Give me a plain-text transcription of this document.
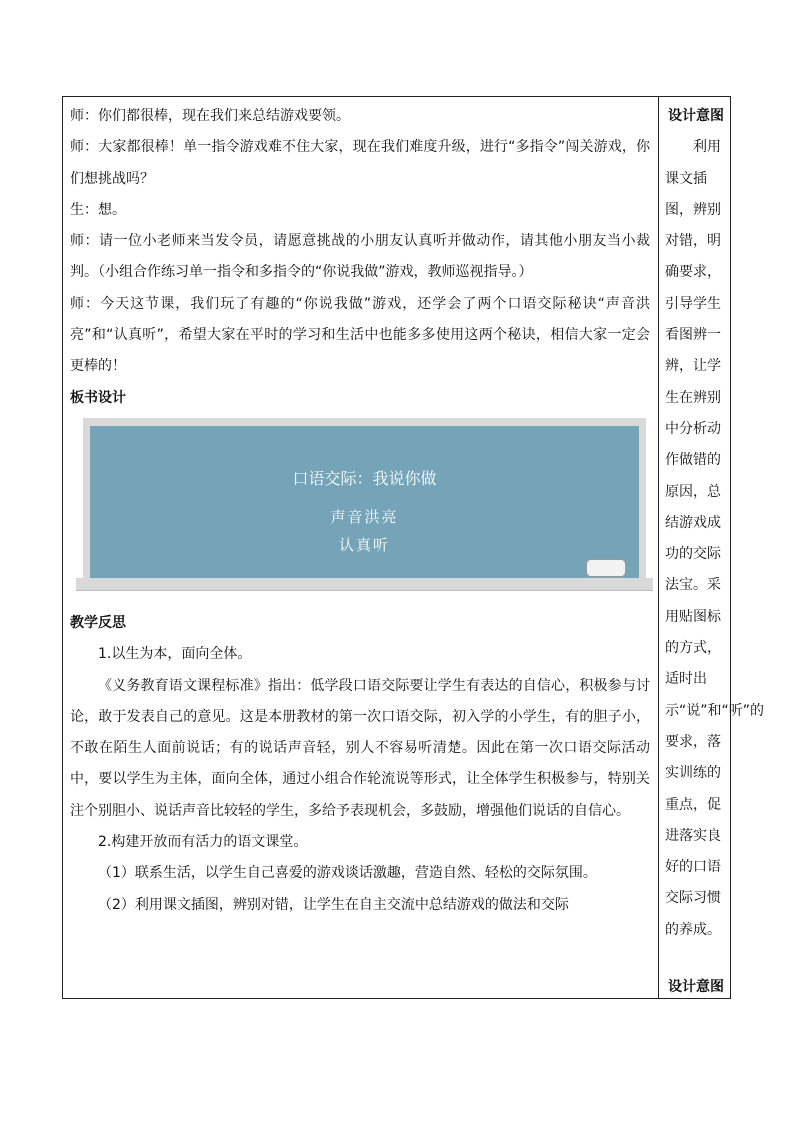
师：你们都很棒，现在我们来总结游戏要领。

师：大家都很棒！单一指令游戏难不住大家，现在我们难度升级，进行“多指令”闯关游戏，你们想挑战吗？

生：想。

师：请一位小老师来当发令员，请愿意挑战的小朋友认真听并做动作，请其他小朋友当小裁判。（小组合作练习单一指令和多指令的“你说我做”游戏，教师巡视指导。）

师：今天这节课，我们玩了有趣的“你说我做”游戏，还学会了两个口语交际秘诀“声音洪亮”和“认真听”，希望大家在平时的学习和生活中也能多多使用这两个秘诀，相信大家一定会更棒的！

板书设计

口语交际：我说你做
声音洪亮
认真听

教学反思

1.以生为本，面向全体。

《义务教育语文课程标准》指出：低学段口语交际要让学生有表达的自信心，积极参与讨论，敢于发表自己的意见。这是本册教材的第一次口语交际，初入学的小学生，有的胆子小，不敢在陌生人面前说话；有的说话声音轻，别人不容易听清楚。因此在第一次口语交际活动中，要以学生为主体，面向全体，通过小组合作轮流说等形式，让全体学生积极参与，特别关注个别胆小、说话声音比较轻的学生，多给予表现机会，多鼓励，增强他们说话的自信心。

2.构建开放而有活力的语文课堂。

（1）联系生活，以学生自己喜爱的游戏谈话激趣，营造自然、轻松的交际氛围。

（2）利用课文插图，辨别对错，让学生在自主交流中总结游戏的做法和交际

设计意图
利用课文插图，辨别对错，明确要求，引导学生看图辨一辨，让学生在辨别中分析动作做错的原因，总结游戏成功的交际法宝。采用贴图标的方式，适时出示“说”和“听”的要求，落实训练的重点，促进落实良好的口语交际习惯的养成。
设计意图
